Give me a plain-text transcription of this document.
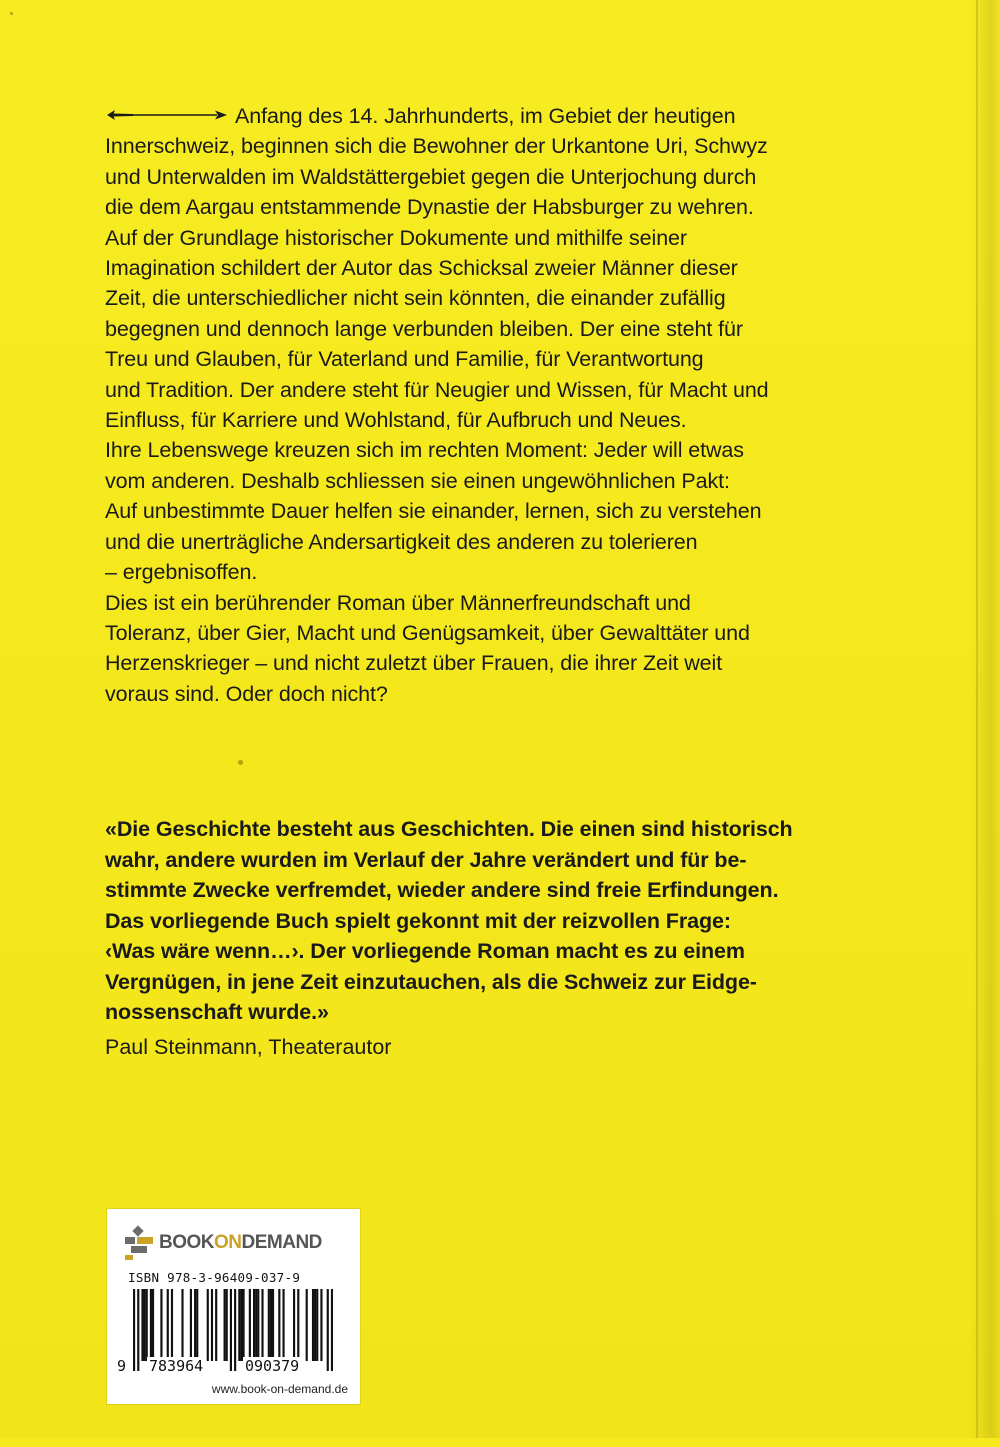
Anfang des 14. Jahrhunderts, im Gebiet der heutigen

Innerschweiz, beginnen sich die Bewohner der Urkantone Uri, Schwyz

und Unterwalden im Waldstättergebiet gegen die Unterjochung durch

die dem Aargau entstammende Dynastie der Habsburger zu wehren.

Auf der Grundlage historischer Dokumente und mithilfe seiner

Imagination schildert der Autor das Schicksal zweier Männer dieser

Zeit, die unterschiedlicher nicht sein könnten, die einander zufällig

begegnen und dennoch lange verbunden bleiben. Der eine steht für

Treu und Glauben, für Vaterland und Familie, für Verantwortung

und Tradition. Der andere steht für Neugier und Wissen, für Macht und

Einfluss, für Karriere und Wohlstand, für Aufbruch und Neues.

Ihre Lebenswege kreuzen sich im rechten Moment: Jeder will etwas

vom anderen. Deshalb schliessen sie einen ungewöhnlichen Pakt:

Auf unbestimmte Dauer helfen sie einander, lernen, sich zu verstehen

und die unerträgliche Andersartigkeit des anderen zu tolerieren

– ergebnisoffen.

Dies ist ein berührender Roman über Männerfreundschaft und

Toleranz, über Gier, Macht und Genügsamkeit, über Gewalttäter und

Herzenskrieger – und nicht zuletzt über Frauen, die ihrer Zeit weit

voraus sind. Oder doch nicht?

«Die Geschichte besteht aus Geschichten. Die einen sind historisch

wahr, andere wurden im Verlauf der Jahre verändert und für be-

stimmte Zwecke verfremdet, wieder andere sind freie Erfindungen.

Das vorliegende Buch spielt gekonnt mit der reizvollen Frage:

‹Was wäre wenn…›. Der vorliegende Roman macht es zu einem

Vergnügen, in jene Zeit einzutauchen, als die Schweiz zur Eidge-

nossenschaft wurde.»

Paul Steinmann, Theaterautor
BOOKONDEMAND
ISBN 978-3-96409-037-9

9

783964

	090379

www.book-on-demand.de
